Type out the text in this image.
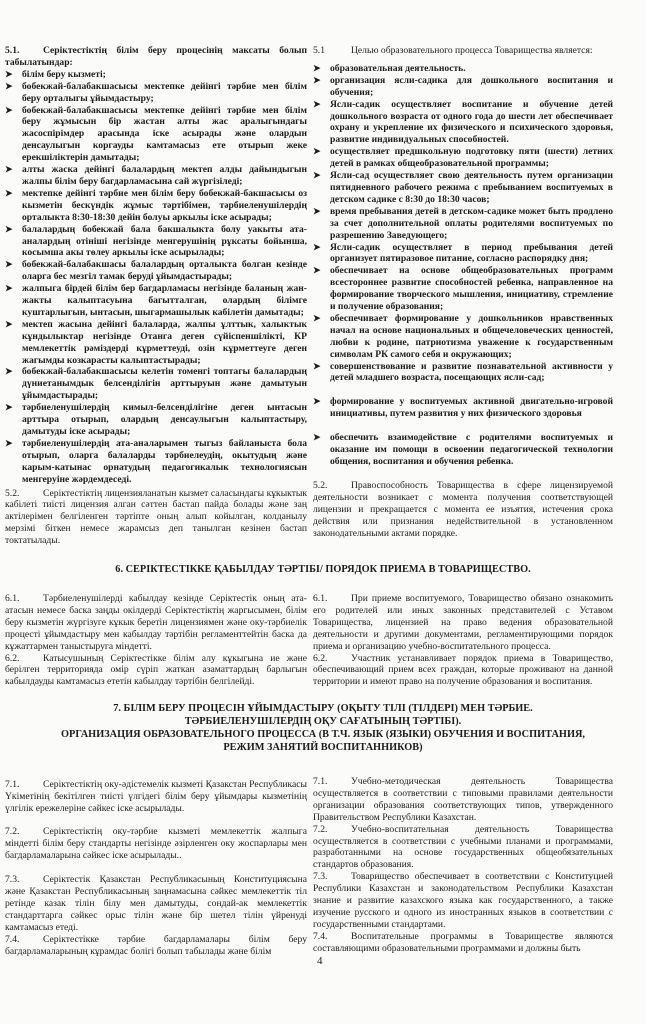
5.1. Серіктестіктің білім беру процесінің максаты болып табылатындар:

➤ білім беру кызметі;
➤ бобекжай-балабакшасысы мектепке дейінгі тәрбие мен білім беру орталыгы ұйымдастыру;
➤ бобекжай-балабакшасысы мектепке дейінгі тәрбие мен білім беру жұмысын бір жастан алты жас аралыгындагы жасоспірімдер арасында іске асырады және олардын денсаулыгын коргауды камтамасыз ете отырып жеке ерекшіліктерін дамытады;
➤ алты жаска дейінгі балалардың мектеп алды дайындыгын жалпы білім беру багдарламасына сай жүргізіледі;
➤ мектепке дейінгі тәрбие мен білім беру бобекжай-бакшасысы оз кызметін бескүндік жұмыс тәртібімен, тәрбиеленушілердің орталыкта 8:30-18:30 дейін болуы аркылы іске асырады;
➤ балалардың бобекжай бала бакшалыкта болу уакыты ата-аналардың отініші негізінде менгерушінің рұксаты бойынша, косымша акы төлеу аркылы іске асырылады;
➤ бобекжай-балабакшасы балалардың орталыкта болган кезінде оларга бес мезгіл тамак беруді ұйымдастырады;
➤ жалпыга бірдей білім бер багдарламасы негізінде баланың жан-жакты калыптасуына багытталган, олардың білімге куштарлыгын, ынтасын, шыгармашылык кабілетін дамытады;
➤ мектеп жасына дейінгі балаларда, жалпы ұлттык, халыктык кұндылыктар негізінде Отанга деген сүйіспеншілікті, КР мемлекеттік рәміздерді кұрметтеуді, озін кұрметтеуге деген жагымды козкарасты калыптастырады;
➤ бобекжай-балабакшасысы келетін томенгі топтагы балалардың дүниетанымдык белсенділігін арттыруын және дамытуын ұйымдастырады;
➤ тәрбиеленушілердің кимыл-белсенділігіне деген ынтасын арттыра отырып, олардың денсаулыгын калыптастыру, дамытуды іске асырады;
➤ тәрбиеленушілердің ата-аналарымен тыгыз байланыста бола отырып, оларга балаларды тәрбиелеудің, окытудың және карым-катынас орнатудың педагогикалык технологиясын менгеруіне жәрдемдеседі.

5.2. Серіктестіктің лицензияланатын кызмет саласындагы кұкыктык кабілеті тиісті лицензия алган сәттен бастап пайда болады және заң актілерімен белгіленген тәртіпте оның алып койылган, колданылу мерзімі біткен немесе жарамсыз деп танылган кезінен бастап токтатылады.

5.1	Целью образовательного процесса Товарищества является:

➤ образовательная деятельность.
➤ организация ясли-садика для дошкольного воспитания и обучения;
➤ Ясли-садик осуществляет воспитание и обучение детей дошкольного возраста от одного года до шести лет обеспечивает охрану и укрепление их физического и психического здоровья, развитие индивидуальных способностей.
➤ осуществляет предшкольную подготовку пяти (шести) летних детей в рамках общеобразовательной программы;
➤ Ясли-сад осуществляет свою деятельность путем организации пятидневного рабочего режима с пребыванием воспитуемых в детском садике с 8:30 до 18:30 часов;
➤ время пребывания детей в детском-садике может быть продлено за счет дополнительной оплаты родителями воспитуемых по разрешению Заведующего;
➤ Ясли-садик осуществляет в период пребывания детей организует пятиразовое питание, согласно распорядку дня;
➤ обеспечивает на основе общеобразовательных программ всестороннее развитие способностей ребенка, направленное на формирование творческого мышления, инициативу, стремление и получение образования;
➤ обеспечивает формирование у дошкольников нравственных начал на основе национальных и общечеловеческих ценностей, любви к родине, патриотизма уважение к государственным символам РК самого себя и окружающих;
➤ совершенствование и развитие познавательной активности у детей младшего возраста, посещающих ясли-сад;
➤ формирование у воспитуемых активной двигательно-игровой инициативы, путем развития у них физического здоровья
➤ обеспечить взаимодействие с родителями воспитуемых и оказание им помощи в освоении педагогической технологии общения, воспитания и обучения ребенка.

5.2. Правоспособность Товарищества в сфере лицензируемой деятельности возникает с момента получения соответствующей лицензии и прекращается с момента ее изъятия, истечения срока действия или признания недействительной в установленном законодательными актами порядке.

6. СЕРІКТЕСТІККЕ ҚАБЫЛДАУ ТӘРТІБІ/ ПОРЯДОК ПРИЕМА В ТОВАРИЩЕСТВО.

6.1. Тәрбиеленушілерді кабылдау кезінде Серіктестік оның ата-атасын немесе баска заңды окілдерді Серіктестіктің жаргысымен, білім беру кызметін жүргізуге кұкык беретін лицензиямен және оку-тәрбиелік процесті ұйымдастыру мен кабылдау тәртібін регламенттейтін баска да кұжаттармен таныстыруга міндетті.

6.2. Катысушының Серіктестікке білім алу кұкыгына ие және берілген территорияда омір сүріп жаткан азаматтардың барлыгын кабылдауды камтамасыз ететін кабылдау тәртібін белгілейді.

6.1. При приеме воспитуемого, Товарищество обязано ознакомить его родителей или иных законных представителей с Уставом Товарищества, лицензией на право ведения образовательной деятельности и другими документами, регламентирующими порядок приема и организацию учебно-воспитательного процесса.

6.2. Участник устанавливает порядок приема в Товарищество, обеспечивающий прием всех граждан, которые проживают на данной территории и имеют право на получение образования и воспитания.

7. БІЛІМ БЕРУ ПРОЦЕСІН ҰЙЫМДАСТЫРУ (ОҚЫТУ ТІЛІ (ТІЛДЕРІ) МЕН ТӘРБИЕ.
ТӘРБИЕЛЕНУШІЛЕРДІҢ ОҚУ САҒАТЫНЫҢ ТӘРТІБІ).
ОРГАНИЗАЦИЯ ОБРАЗОВАТЕЛЬНОГО ПРОЦЕССА (В Т.Ч. ЯЗЫК (ЯЗЫКИ) ОБУЧЕНИЯ И ВОСПИТАНИЯ,
РЕЖИМ ЗАНЯТИЙ ВОСПИТАННИКОВ)

7.1. Серіктестіктің оку-әдістемелік кызметі Қазакстан Республикасы Үкіметінің бекітілген тиісті үлгідегі білім беру ұйымдары кызметінің үлгілік ережелеріне сәйкес іске асырылады.

7.2. Серіктестіктің оку-тәрбие кызметі мемлекеттік жалпыга міндетті білім беру стандарты негізінде әзірленген оку жоспарлары мен багдарламаларына сәйкес іске асырылады..

7.3. Серіктестік Қазакстан Республикасының Конституциясына және Қазакстан Республикасының заңнамасына сәйкес мемлекеттік тіл ретінде казак тілін білу мен дамытуды, сондай-ак мемлекеттік стандарттарга сәйкес орыс тілін және бір шетел тілін үйренуді камтамасыз етеді.

7.4. Серіктестікке тәрбие багдарламалары білім беру багдарламаларының кұрамдас болігі болып табылады және білім

7.1. Учебно-методическая деятельность Товарищества осуществляется в соответствии с типовыми правилами деятельности организации образования соответствующих типов, утвержденного Правительством Республики Казахстан.

7.2. Учебно-воспитательная деятельность Товарищества осуществляется в соответствии с учебными планами и программами, разработанными на основе государственных общеобязательных стандартов образования.

7.3. Товарищество обеспечивает в соответствии с Конституцией Республики Казахстан и законодательством Республики Казахстан знание и развитие казахского языка как государственного, а также изучение русского и одного из иностранных языков в соответствии с государственными стандартами.

7.4. Воспитательные программы в Товариществе являются составляющими образовательными программами и должны быть

4
